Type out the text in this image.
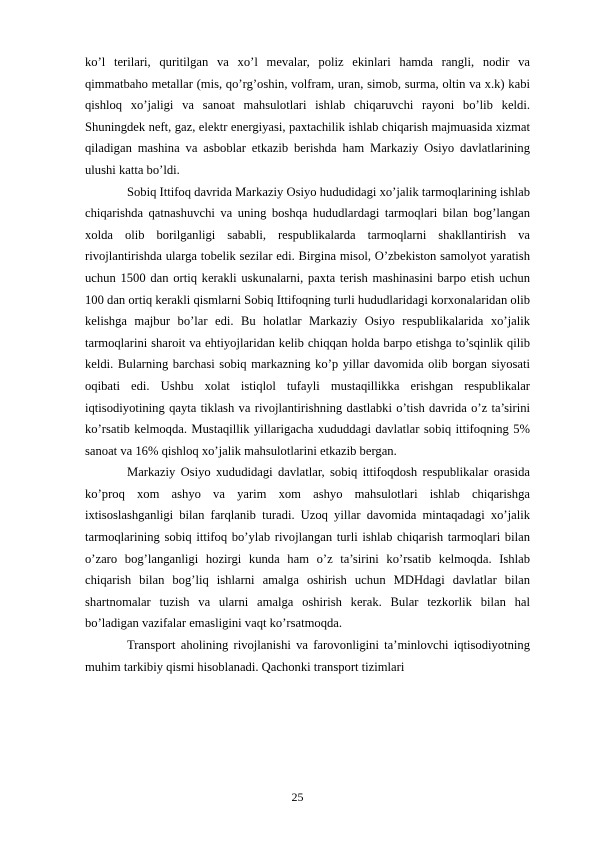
ko’l terilari, quritilgan va xo’l mevalar, poliz ekinlari hamda rangli, nodir va qimmatbaho metallar (mis, qo’rg’oshin, volfram, uran, simob, surma, oltin va x.k) kabi qishloq xo’jaligi va sanoat mahsulotlari ishlab chiqaruvchi rayoni bo’lib keldi. Shuningdek neft, gaz, elektr energiyasi, paxtachilik ishlab chiqarish majmuasida xizmat qiladigan mashina va asboblar etkazib berishda ham Markaziy Osiyo davlatlarining ulushi katta bo’ldi.

Sobiq Ittifoq davrida Markaziy Osiyo hududidagi xo’jalik tarmoqlarining ishlab chiqarishda qatnashuvchi va uning boshqa hududlardagi tarmoqlari bilan bog’langan xolda olib borilganligi sababli, respublikalarda tarmoqlarni shakllantirish va rivojlantirishda ularga tobelik sezilar edi. Birgina misol, O’zbekiston samolyot yaratish uchun 1500 dan ortiq kerakli uskunalarni, paxta terish mashinasini barpo etish uchun 100 dan ortiq kerakli qismlarni Sobiq Ittifoqning turli hududlaridagi korxonalaridan olib kelishga majbur bo’lar edi. Bu holatlar Markaziy Osiyo respublikalarida xo’jalik tarmoqlarini sharoit va ehtiyojlaridan kelib chiqqan holda barpo etishga to’sqinlik qilib keldi. Bularning barchasi sobiq markazning ko’p yillar davomida olib borgan siyosati oqibati edi. Ushbu xolat istiqlol tufayli mustaqillikka erishgan respublikalar iqtisodiyotining qayta tiklash va rivojlantirishning dastlabki o’tish davrida o’z ta’sirini ko’rsatib kelmoqda. Mustaqillik yillarigacha xududdagi davlatlar sobiq ittifoqning 5% sanoat va 16% qishloq xo’jalik mahsulotlarini etkazib bergan.

Markaziy Osiyo xududidagi davlatlar, sobiq ittifoqdosh respublikalar orasida ko’proq xom ashyo va yarim xom ashyo mahsulotlari ishlab chiqarishga ixtisoslashganligi bilan farqlanib turadi. Uzoq yillar davomida mintaqadagi xo’jalik tarmoqlarining sobiq ittifoq bo’ylab rivojlangan turli ishlab chiqarish tarmoqlari bilan o’zaro bog’langanligi hozirgi kunda ham o’z ta’sirini ko’rsatib kelmoqda. Ishlab chiqarish bilan bog’liq ishlarni amalga oshirish uchun MDHdagi davlatlar bilan shartnomalar tuzish va ularni amalga oshirish kerak. Bular tezkorlik bilan hal bo’ladigan vazifalar emasligini vaqt ko’rsatmoqda.

Transport aholining rivojlanishi va farovonligini ta’minlovchi iqtisodiyotning muhim tarkibiy qismi hisoblanadi. Qachonki transport tizimlari

25
